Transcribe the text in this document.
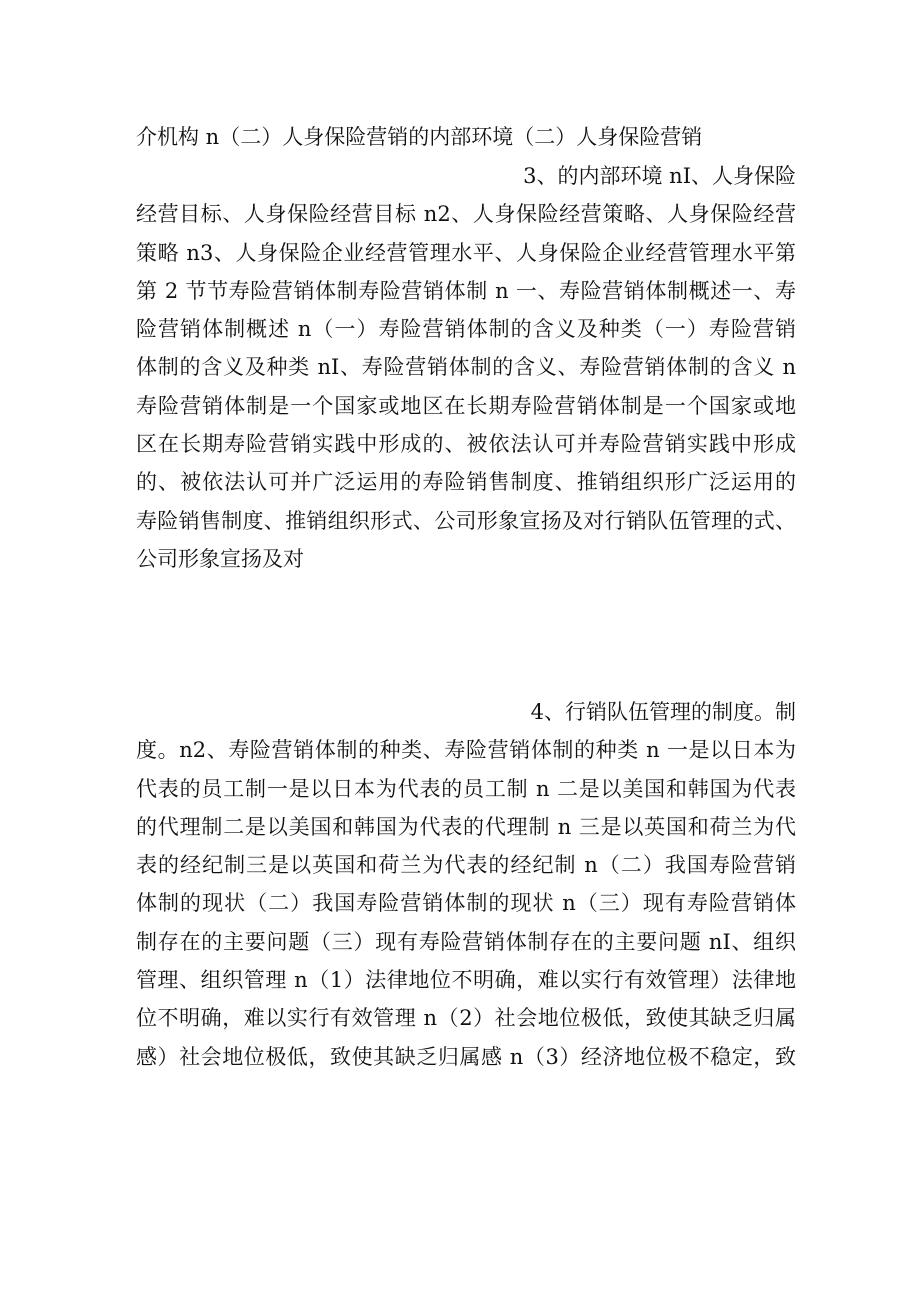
介机构 n（二）人身保险营销的内部环境（二）人身保险营销
3、的内部环境 nI、人身保险
经营目标、人身保险经营目标 n2、人身保险经营策略、人身保险经营
策略 n3、人身保险企业经营管理水平、人身保险企业经营管理水平第
第 2 节节寿险营销体制寿险营销体制 n 一、寿险营销体制概述一、寿
险营销体制概述 n（一）寿险营销体制的含义及种类（一）寿险营销
体制的含义及种类 nI、寿险营销体制的含义、寿险营销体制的含义 n
寿险营销体制是一个国家或地区在长期寿险营销体制是一个国家或地
区在长期寿险营销实践中形成的、被依法认可并寿险营销实践中形成
的、被依法认可并广泛运用的寿险销售制度、推销组织形广泛运用的
寿险销售制度、推销组织形式、公司形象宣扬及对行销队伍管理的式、
公司形象宣扬及对
4、行销队伍管理的制度。制
度。n2、寿险营销体制的种类、寿险营销体制的种类 n 一是以日本为
代表的员工制一是以日本为代表的员工制 n 二是以美国和韩国为代表
的代理制二是以美国和韩国为代表的代理制 n 三是以英国和荷兰为代
表的经纪制三是以英国和荷兰为代表的经纪制 n（二）我国寿险营销
体制的现状（二）我国寿险营销体制的现状 n（三）现有寿险营销体
制存在的主要问题（三）现有寿险营销体制存在的主要问题 nI、组织
管理、组织管理 n（1）法律地位不明确，难以实行有效管理）法律地
位不明确，难以实行有效管理 n（2）社会地位极低，致使其缺乏归属
感）社会地位极低，致使其缺乏归属感 n（3）经济地位极不稳定，致
